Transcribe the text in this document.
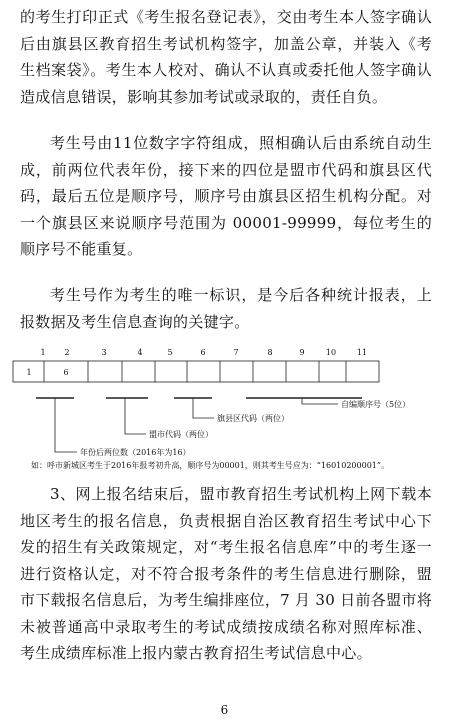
的考生打印正式《考生报名登记表》，交由考生本人签字确认后由旗县区教育招生考试机构签字，加盖公章，并装入《考生档案袋》。考生本人校对、确认不认真或委托他人签字确认造成信息错误，影响其参加考试或录取的，责任自负。

考生号由11位数字字符组成，照相确认后由系统自动生成，前两位代表年份，接下来的四位是盟市代码和旗县区代码，最后五位是顺序号，顺序号由旗县区招生机构分配。对一个旗县区来说顺序号范围为 00001-99999，每位考生的顺序号不能重复。

考生号作为考生的唯一标识，是今后各种统计报表，上报数据及考生信息查询的关键字。

1 2	3	4	5	6	7	8	9	10	11
1	6
自编顺序号（5位）
旗县区代码（两位）
盟市代码（两位）
年份后两位数（2016年为16）
如：呼市新城区考生于2016年报考初升高，顺序号为00001，则其考生号应为：“16010200001”。

3、网上报名结束后，盟市教育招生考试机构上网下载本地区考生的报名信息，负责根据自治区教育招生考试中心下发的招生有关政策规定，对“考生报名信息库”中的考生逐一进行资格认定，对不符合报考条件的考生信息进行删除，盟市下载报名信息后，为考生编排座位，7 月 30 日前各盟市将未被普通高中录取考生的考试成绩按成绩名称对照库标准、考生成绩库标准上报内蒙古教育招生考试信息中心。

6
